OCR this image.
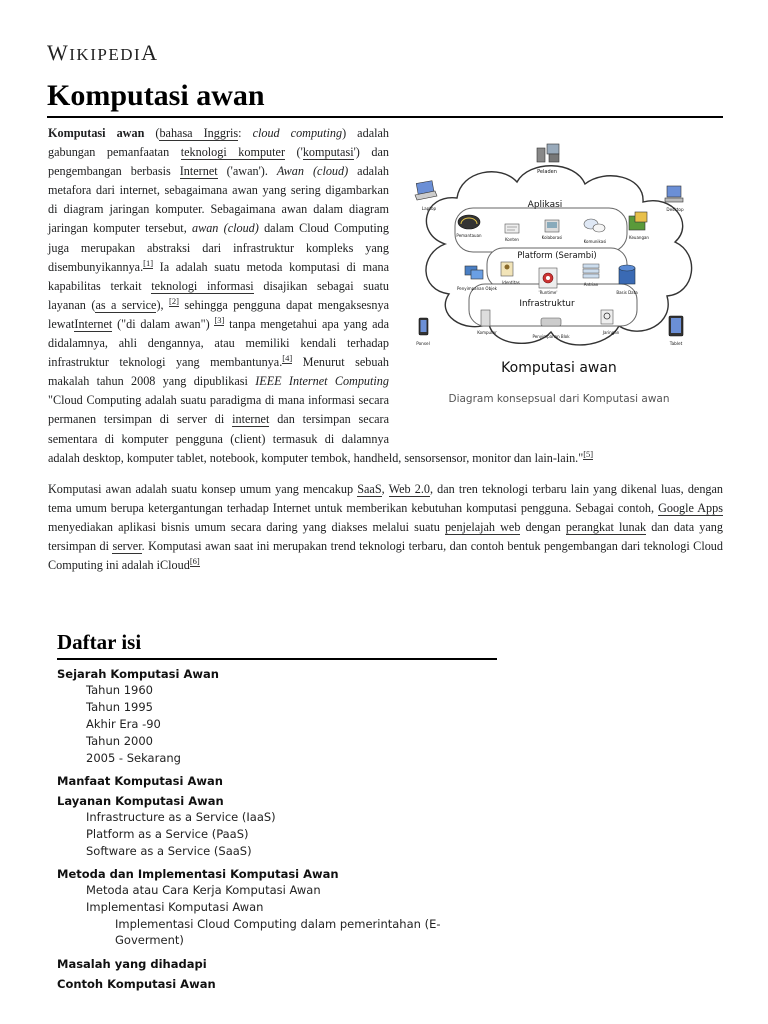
WIKIPEDIA
Komputasi awan
Peladen
Laptop	Desktop
Aplikasi
Pemantauan
Konten	Kolaborasi
Komunikasi
Keuangan
Platform (Serambi)
Penyimpanan Objek
Identitas
'Runtime'
Antrian
Basis Data
Infrastruktur
Komputer
Penyimpanan Blok
Jaringan
Ponsel	Tablet
Komputasi awan
Diagram konsepsual dari Komputasi awan

Komputasi awan (bahasa Inggris: cloud computing) adalah gabungan pemanfaatan teknologi komputer ('komputasi') dan pengembangan berbasis Internet ('awan'). Awan (cloud) adalah metafora dari internet, sebagaimana awan yang sering digambarkan di diagram jaringan komputer. Sebagaimana awan dalam diagram jaringan komputer tersebut, awan (cloud) dalam Cloud Computing juga merupakan abstraksi dari infrastruktur kompleks yang disembunyikannya.[1] Ia adalah suatu metoda komputasi di mana kapabilitas terkait teknologi informasi disajikan sebagai suatu layanan (as a service), [2] sehingga pengguna dapat mengaksesnya lewatInternet ("di dalam awan") [3] tanpa mengetahui apa yang ada didalamnya, ahli dengannya, atau memiliki kendali terhadap infrastruktur teknologi yang membantunya.[4] Menurut sebuah makalah tahun 2008 yang dipublikasi IEEE Internet Computing "Cloud Computing adalah suatu paradigma di mana informasi secara permanen tersimpan di server di internet dan tersimpan secara sementara di komputer pengguna (client) termasuk di dalamnya adalah desktop, komputer tablet, notebook, komputer tembok, handheld, sensorsensor, monitor dan lain-lain."[5]

Komputasi awan adalah suatu konsep umum yang mencakup SaaS, Web 2.0, dan tren teknologi terbaru lain yang dikenal luas, dengan tema umum berupa ketergantungan terhadap Internet untuk memberikan kebutuhan komputasi pengguna. Sebagai contoh, Google Apps menyediakan aplikasi bisnis umum secara daring yang diakses melalui suatu penjelajah web dengan perangkat lunak dan data yang tersimpan di server. Komputasi awan saat ini merupakan trend teknologi terbaru, dan contoh bentuk pengembangan dari teknologi Cloud Computing ini adalah iCloud[6]

Daftar isi
Sejarah Komputasi Awan
Tahun 1960
Tahun 1995
Akhir Era -90
Tahun 2000
2005 - Sekarang
Manfaat Komputasi Awan
Layanan Komputasi Awan
Infrastructure as a Service (IaaS)
Platform as a Service (PaaS)
Software as a Service (SaaS)
Metoda dan Implementasi Komputasi Awan
Metoda atau Cara Kerja Komputasi Awan
Implementasi Komputasi Awan
Implementasi Cloud Computing dalam pemerintahan (E-Goverment)
Masalah yang dihadapi
Contoh Komputasi Awan
